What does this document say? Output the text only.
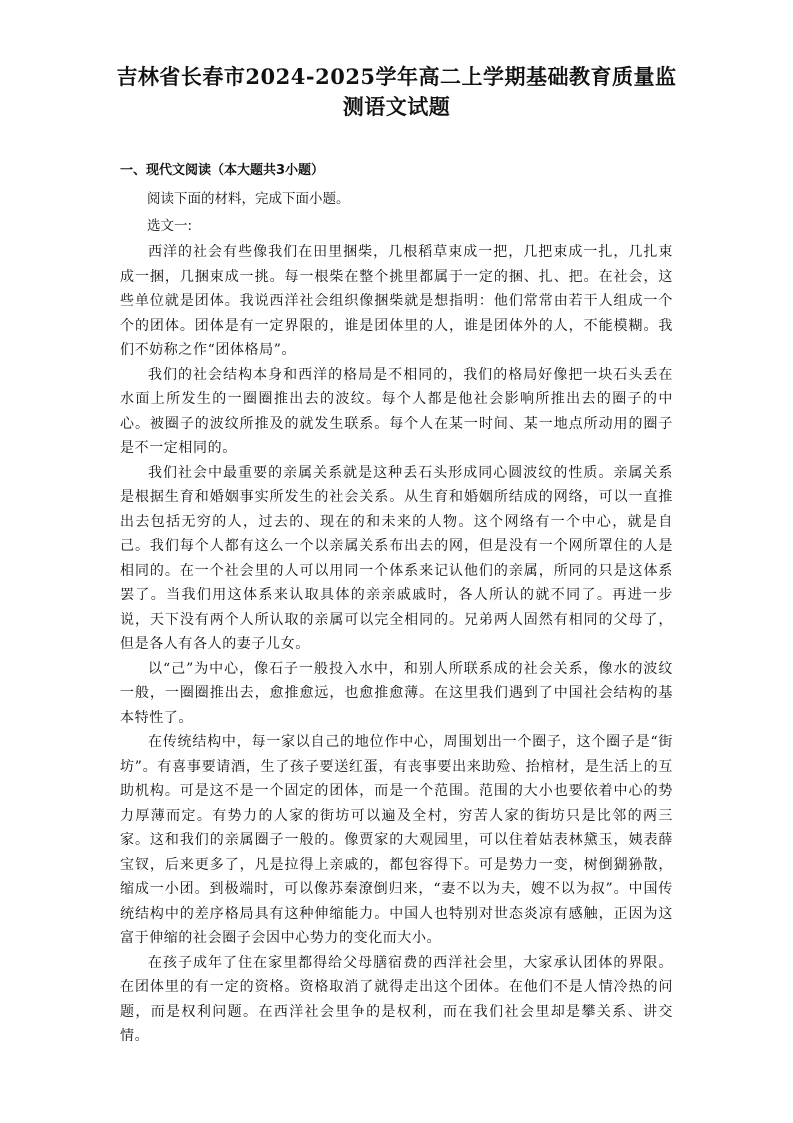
吉林省长春市2024-2025学年高二上学期基础教育质量监
测语文试题
一、现代文阅读（本大题共3小题）
阅读下面的材料，完成下面小题。
选文一:

西洋的社会有些像我们在田里捆柴，几根稻草束成一把，几把束成一扎，几扎束成一捆，几捆束成一挑。每一根柴在整个挑里都属于一定的捆、扎、把。在社会，这些单位就是团体。我说西洋社会组织像捆柴就是想指明：他们常常由若干人组成一个个的团体。团体是有一定界限的，谁是团体里的人，谁是团体外的人，不能模糊。我们不妨称之作“团体格局”。

我们的社会结构本身和西洋的格局是不相同的，我们的格局好像把一块石头丢在水面上所发生的一圈圈推出去的波纹。每个人都是他社会影响所推出去的圈子的中心。被圈子的波纹所推及的就发生联系。每个人在某一时间、某一地点所动用的圈子是不一定相同的。

我们社会中最重要的亲属关系就是这种丢石头形成同心圆波纹的性质。亲属关系是根据生育和婚姻事实所发生的社会关系。从生育和婚姻所结成的网络，可以一直推出去包括无穷的人，过去的、现在的和未来的人物。这个网络有一个中心，就是自己。我们每个人都有这么一个以亲属关系布出去的网，但是没有一个网所罩住的人是相同的。在一个社会里的人可以用同一个体系来记认他们的亲属，所同的只是这体系罢了。当我们用这体系来认取具体的亲亲戚戚时，各人所认的就不同了。再进一步说，天下没有两个人所认取的亲属可以完全相同的。兄弟两人固然有相同的父母了，但是各人有各人的妻子儿女。

以“己”为中心，像石子一般投入水中，和别人所联系成的社会关系，像水的波纹一般，一圈圈推出去，愈推愈远，也愈推愈薄。在这里我们遇到了中国社会结构的基本特性了。

在传统结构中，每一家以自己的地位作中心，周围划出一个圈子，这个圈子是“街坊”。有喜事要请酒，生了孩子要送红蛋，有丧事要出来助殓、抬棺材，是生活上的互助机构。可是这不是一个固定的团体，而是一个范围。范围的大小也要依着中心的势力厚薄而定。有势力的人家的街坊可以遍及全村，穷苦人家的街坊只是比邻的两三家。这和我们的亲属圈子一般的。像贾家的大观园里，可以住着姑表林黛玉，姨表薛宝钗，后来更多了，凡是拉得上亲戚的，都包容得下。可是势力一变，树倒猢狲散，缩成一小团。到极端时，可以像苏秦潦倒归来，“妻不以为夫，嫂不以为叔”。中国传统结构中的差序格局具有这种伸缩能力。中国人也特别对世态炎凉有感触，正因为这富于伸缩的社会圈子会因中心势力的变化而大小。

在孩子成年了住在家里都得给父母膳宿费的西洋社会里，大家承认团体的界限。在团体里的有一定的资格。资格取消了就得走出这个团体。在他们不是人情冷热的问题，而是权利问题。在西洋社会里争的是权利，而在我们社会里却是攀关系、讲交情。
